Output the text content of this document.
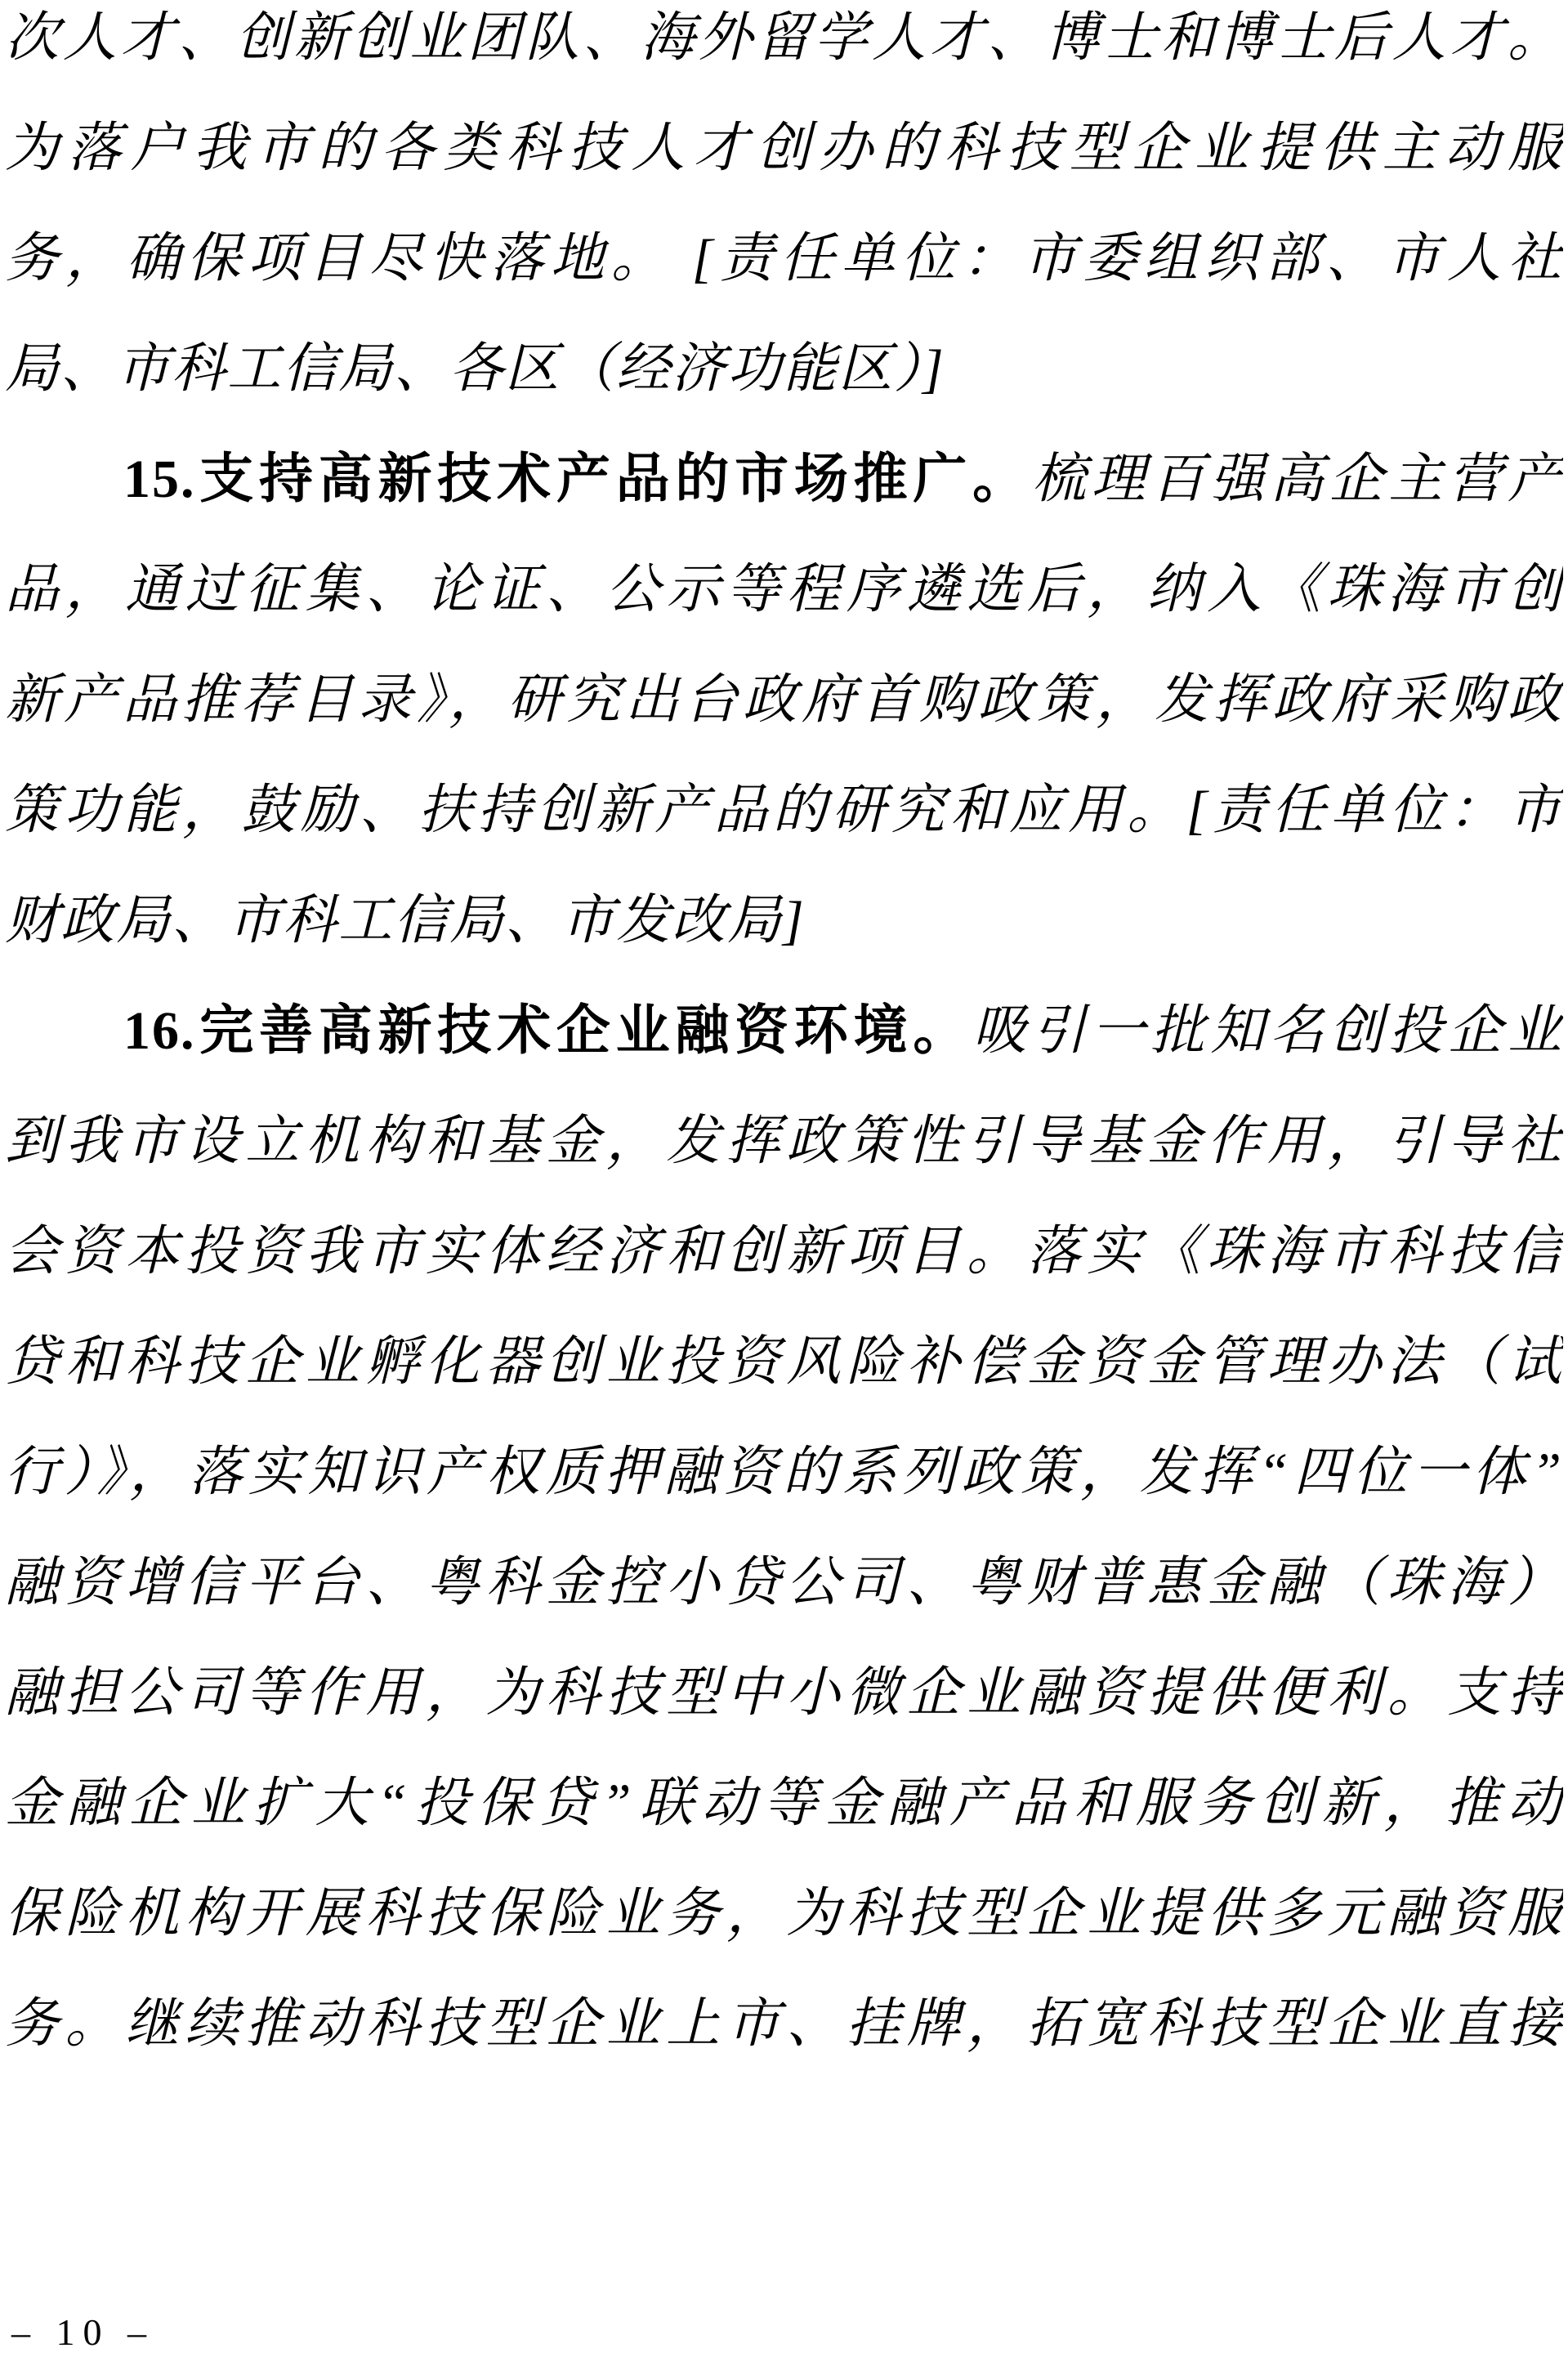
次人才、创新创业团队、海外留学人才、博士和博士后人才。
为落户我市的各类科技人才创办的科技型企业提供主动服
务，确保项目尽快落地。 [责任单位：市委组织部、市人社
局、市科工信局、各区（经济功能区）]
15.支持高新技术产品的市场推广。梳理百强高企主营产
品，通过征集、论证、公示等程序遴选后，纳入《珠海市创
新产品推荐目录》，研究出台政府首购政策，发挥政府采购政
策功能，鼓励、扶持创新产品的研究和应用。[责任单位：市
财政局、市科工信局、市发改局]
16.完善高新技术企业融资环境。吸引一批知名创投企业
到我市设立机构和基金，发挥政策性引导基金作用，引导社
会资本投资我市实体经济和创新项目。落实《珠海市科技信
贷和科技企业孵化器创业投资风险补偿金资金管理办法（试
行）》，落实知识产权质押融资的系列政策，发挥“四位一体”
融资增信平台、粤科金控小贷公司、粤财普惠金融（珠海）
融担公司等作用，为科技型中小微企业融资提供便利。支持
金融企业扩大“投保贷”联动等金融产品和服务创新，推动
保险机构开展科技保险业务，为科技型企业提供多元融资服
务。继续推动科技型企业上市、挂牌，拓宽科技型企业直接
– 10 –
